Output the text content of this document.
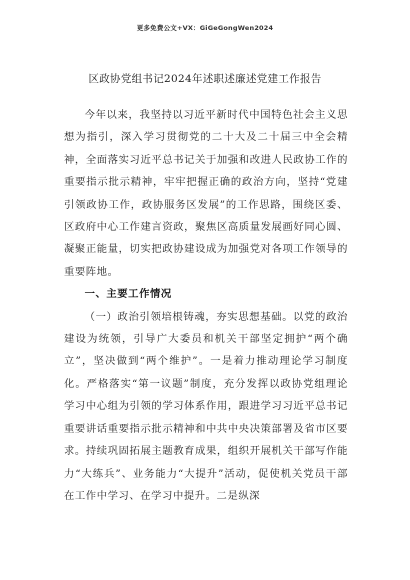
更多免费公文+VX：GiGeGongWen2024
区政协党组书记2024年述职述廉述党建工作报告

今年以来，我坚持以习近平新时代中国特色社会主义思想为指引，深入学习贯彻党的二十大及二十届三中全会精神，全面落实习近平总书记关于加强和改进人民政协工作的重要指示批示精神，牢牢把握正确的政治方向，坚持“党建引领政协工作，政协服务区发展”的工作思路，围绕区委、区政府中心工作建言资政，聚焦区高质量发展画好同心圆、凝聚正能量，切实把政协建设成为加强党对各项工作领导的重要阵地。

一、主要工作情况

（一）政治引领培根铸魂，夯实思想基础。以党的政治建设为统领，引导广大委员和机关干部坚定拥护“两个确立”，坚决做到“两个维护”。一是着力推动理论学习制度化。严格落实“第一议题”制度，充分发挥以政协党组理论学习中心组为引领的学习体系作用，跟进学习习近平总书记重要讲话重要指示批示精神和中共中央决策部署及省市区要求。持续巩固拓展主题教育成果，组织开展机关干部写作能力“大练兵”、业务能力“大提升”活动，促使机关党员干部在工作中学习、在学习中提升。二是纵深
